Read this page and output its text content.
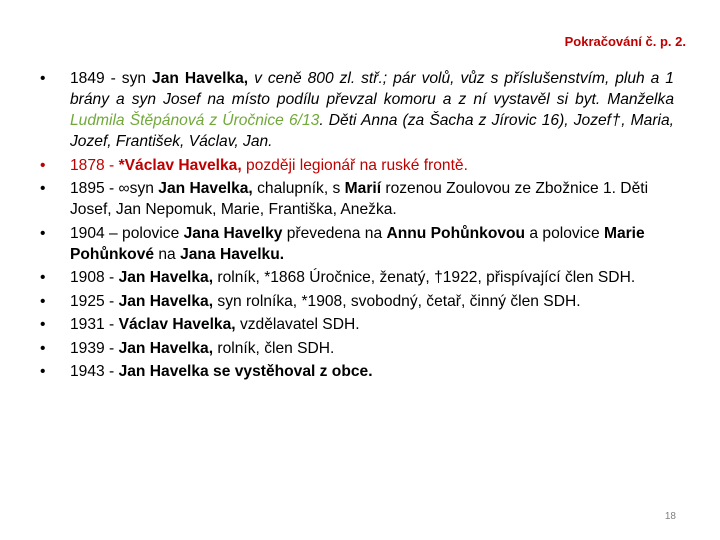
Pokračování č. p. 2.
•	1849 - syn Jan Havelka, v ceně 800 zl. stř.; pár volů, vůz s příslušenstvím, pluh a 1 brány a syn Josef na místo podílu převzal komoru a z ní vystavěl si byt. Manželka Ludmila Štěpánová z Úročnice 6/13. Děti Anna (za Šacha z Jírovic 16), Jozef†, Maria, Jozef, František, Václav, Jan.
•	1878 - *Václav Havelka, později legionář na ruské frontě.
•	1895 - ∞syn Jan Havelka, chalupník, s Marií rozenou Zoulovou ze Zbožnice 1. Děti Josef, Jan Nepomuk, Marie, Františka, Anežka.
•	1904 – polovice Jana Havelky převedena na Annu Pohůnkovou a polovice Marie Pohůnkové na Jana Havelku.
•	1908 - Jan Havelka, rolník, *1868 Úročnice, ženatý, †1922, přispívající člen SDH.
•	1925 - Jan Havelka, syn rolníka, *1908, svobodný, četař, činný člen SDH.
•	1931 - Václav Havelka, vzdělavatel SDH.
•	1939 - Jan Havelka, rolník, člen SDH.
•	1943 - Jan Havelka se vystěhoval z obce.
18
